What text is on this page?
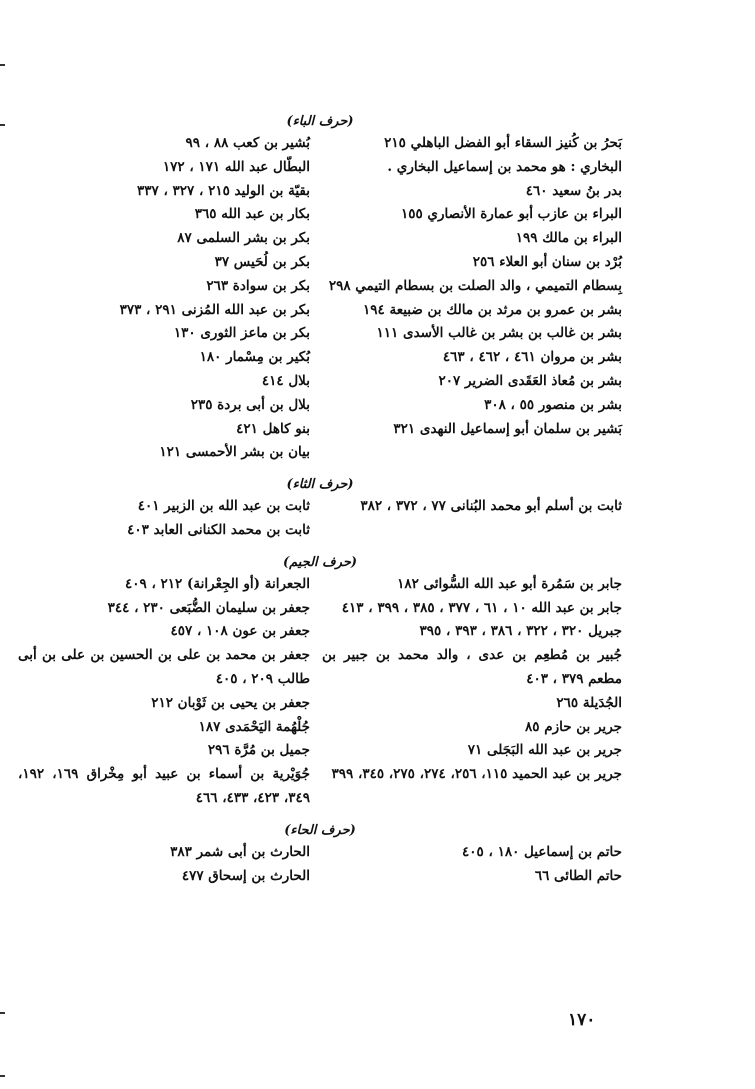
(حرف الباء)
بَحرُ بن كُنيز السقاء أبو الفضل الباهلي ٢١٥
البخاري : هو محمد بن إسماعيل البخاري .
بدر بنُ سعيد ٤٦٠
البراء بن عازب أبو عمارة الأنصاري ١٥٥
البراء بن مالك ١٩٩
بُرْد بن سنان أبو العلاء ٢٥٦
بِسطام التميمي ، والد الصلت بن بسطام التيمي ٢٩٨
بشر بن عمرو بن مرثد بن مالك بن ضبيعة ١٩٤
بشر بن غالب بن بشر بن غالب الأسدى ١١١
بشر بن مروان ٤٦١ ، ٤٦٢ ، ٤٦٣
بشر بن مُعاذ العَقَدى الضرير ٢٠٧
بشر بن منصور ٥٥ ، ٣٠٨
بَشير بن سلمان أبو إسماعيل النهدى ٣٢١
بُشير بن كعب ٨٨ ، ٩٩
البطّال عبد الله ١٧١ ، ١٧٢
بقيّة بن الوليد ٢١٥ ، ٣٢٧ ، ٣٣٧
بكار بن عبد الله ٣٦٥
بكر بن بشر السلمى ٨٧
بكر بن لُحَيس ٣٧
بكر بن سوادة ٢٦٣
بكر بن عبد الله المُزنى ٢٩١ ، ٣٧٣
بكر بن ماعز الثورى ١٣٠
بُكير بن مِسْمار ١٨٠
بلال ٤١٤
بلال بن أبى بردة ٢٣٥
بنو كاهل ٤٢١
بيان بن بشر الأحمسى ١٢١
(حرف الثاء)
ثابت بن أسلم أبو محمد البُنانى ٧٧ ، ٣٧٢ ، ٣٨٢
ثابت بن عبد الله بن الزبير ٤٠١
ثابت بن محمد الكنانى العابد ٤٠٣
(حرف الجيم)
جابر بن سَمُرة أبو عبد الله السُّوائى ١٨٢
جابر بن عبد الله ١٠ ، ٦١ ، ٣٧٧ ، ٣٨٥ ، ٣٩٩ ، ٤١٣
جبريل ٣٢٠ ، ٣٢٢ ، ٣٨٦ ، ٣٩٣ ، ٣٩٥
جُبير بن مُطعِم بن عدى ، والد محمد بن جبير بن مطعم ٣٧٩ ، ٤٠٣
الجُدَيلة ٢٦٥
جرير بن حازم ٨٥
جرير بن عبد الله البَجَلى ٧١
جرير بن عبد الحميد ١١٥، ٢٥٦، ٢٧٤، ٢٧٥، ٣٤٥، ٣٩٩
الجعرانة (أو الجِعْرانة) ٢١٢ ، ٤٠٩
جعفر بن سليمان الضُّبَعى ٢٣٠ ، ٣٤٤
جعفر بن عون ١٠٨ ، ٤٥٧
جعفر بن محمد بن على بن الحسين بن على بن أبى طالب ٢٠٩ ، ٤٠٥
جعفر بن يحيى بن ثَوْبان ٢١٢
جُلْهُمة اليَحْمَدى ١٨٧
جميل بن مُرَّة ٢٩٦
جُوَيْرية بن أسماء بن عبيد أبو مِخْراق ١٦٩، ١٩٢، ٣٤٩، ٤٢٣، ٤٣٣، ٤٦٦
(حرف الحاء)
حاتم بن إسماعيل ١٨٠ ، ٤٠٥
حاتم الطائى ٦٦
الحارث بن أبى شمر ٣٨٣
الحارث بن إسحاق ٤٧٧
١٧٠
